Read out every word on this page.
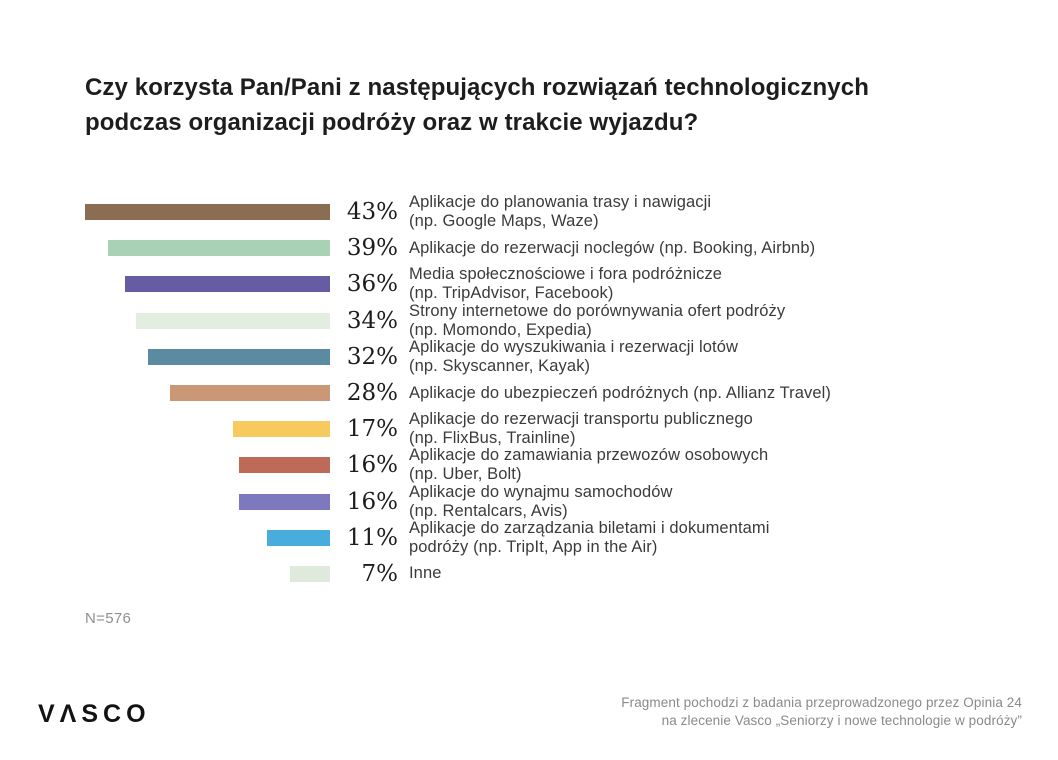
Czy korzysta Pan/Pani z następujących rozwiązań technologicznych
podczas organizacji podróży oraz w trakcie wyjazdu?
43% Aplikacje do planowania trasy i nawigacji
(np. Google Maps, Waze)
39% Aplikacje do rezerwacji noclegów (np. Booking, Airbnb)
36% Media społecznościowe i fora podróżnicze
(np. TripAdvisor, Facebook)
34% Strony internetowe do porównywania ofert podróży
(np. Momondo, Expedia)
32% Aplikacje do wyszukiwania i rezerwacji lotów
(np. Skyscanner, Kayak)
28% Aplikacje do ubezpieczeń podróżnych (np. Allianz Travel)
17% Aplikacje do rezerwacji transportu publicznego
(np. FlixBus, Trainline)
16% Aplikacje do zamawiania przewozów osobowych
(np. Uber, Bolt)
16% Aplikacje do wynajmu samochodów
(np. Rentalcars, Avis)
11% Aplikacje do zarządzania biletami i dokumentami
podróży (np. TripIt, App in the Air)
7% Inne
N=576
VΛSCO	Fragment pochodzi z badania przeprowadzonego przez Opinia 24
na zlecenie Vasco „Seniorzy i nowe technologie w podróży”
